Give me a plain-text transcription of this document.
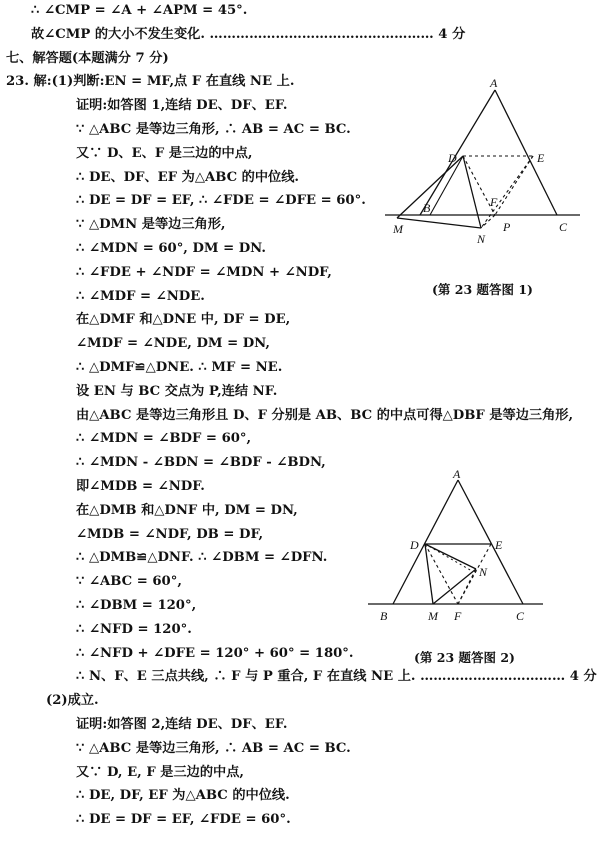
∴ ∠CMP = ∠A + ∠APM = 45°.
故∠CMP 的大小不发生变化. …………………………………………… 4 分
七、解答题(本题满分 7 分)
23. 解:(1)判断:EN = MF,点 F 在直线 NE 上.
证明:如答图 1,连结 DE、DF、EF.
∵ △ABC 是等边三角形, ∴ AB = AC = BC.
又∵ D、E、F 是三边的中点,
∴ DE、DF、EF 为△ABC 的中位线.
∴ DE = DF = EF, ∴ ∠FDE = ∠DFE = 60°.
∵ △DMN 是等边三角形,
∴ ∠MDN = 60°, DM = DN.
∴ ∠FDE + ∠NDF = ∠MDN + ∠NDF,
∴ ∠MDF = ∠NDE.
在△DMF 和△DNE 中, DF = DE,
∠MDF = ∠NDE, DM = DN,
∴ △DMF≌△DNE. ∴ MF = NE.
设 EN 与 BC 交点为 P,连结 NF.
由△ABC 是等边三角形且 D、F 分别是 AB、BC 的中点可得△DBF 是等边三角形,
∴ ∠MDN = ∠BDF = 60°,
∴ ∠MDN - ∠BDN = ∠BDF - ∠BDN,
即∠MDB = ∠NDF.
在△DMB 和△DNF 中, DM = DN,
∠MDB = ∠NDF, DB = DF,
∴ △DMB≌△DNF. ∴ ∠DBM = ∠DFN.
∵ ∠ABC = 60°,
∴ ∠DBM = 120°,
∴ ∠NFD = 120°.
∴ ∠NFD + ∠DFE = 120° + 60° = 180°.
∴ N、F、E 三点共线, ∴ F 与 P 重合, F 在直线 NE 上. …………………………… 4 分
(2)成立.
证明:如答图 2,连结 DE、DF、EF.
∵ △ABC 是等边三角形, ∴ AB = AC = BC.
又∵ D, E, F 是三边的中点,
∴ DE, DF, EF 为△ABC 的中位线.
∴ DE = DF = EF, ∠FDE = 60°.
A
D	E
B	F
M	P	C
N
(第 23 题答图 1)
A
D	E
N
B	M F	C
(第 23 题答图 2)
